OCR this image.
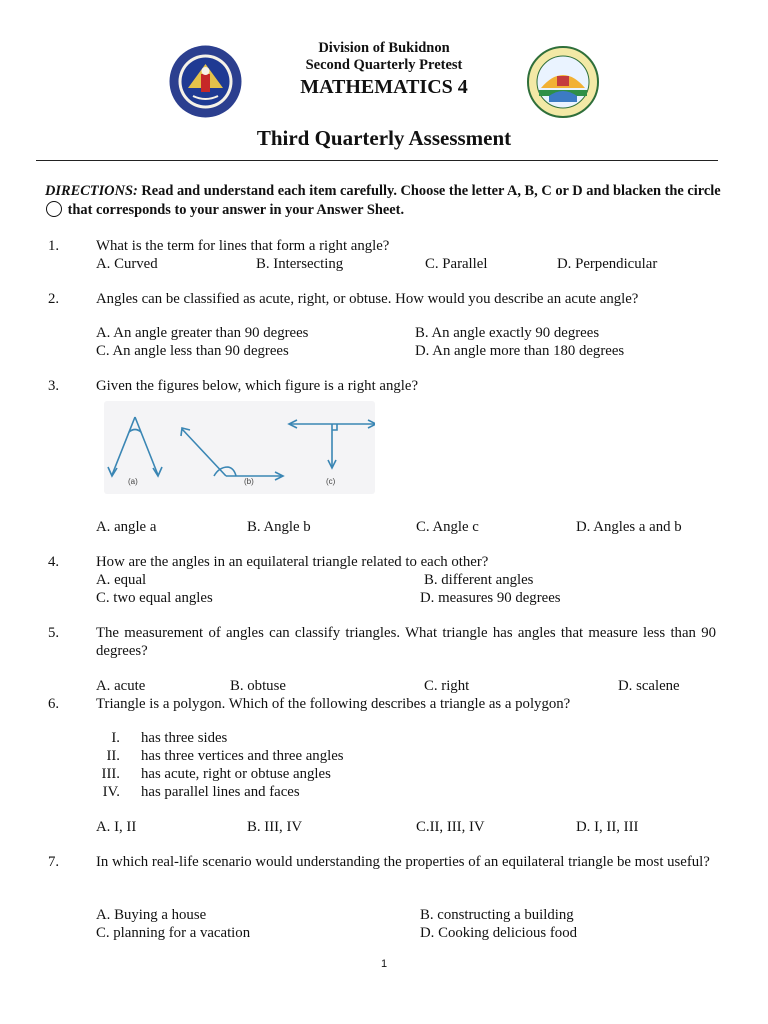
Division of Bukidnon
Second Quarterly Pretest
MATHEMATICS 4
Third Quarterly Assessment
DIRECTIONS: Read and understand each item carefully. Choose the letter A, B, C or D and blacken the circle that corresponds to your answer in your Answer Sheet.
1. What is the term for lines that form a right angle?
A. Curved	B. Intersecting	C. Parallel	D. Perpendicular
2. Angles can be classified as acute, right, or obtuse. How would you describe an acute angle?
A. An angle greater than 90 degrees	B. An angle exactly 90 degrees
C. An angle less than 90 degrees	D. An angle more than 180 degrees
3. Given the figures below, which figure is a right angle?
(a)	(b)	(c)
A. angle a	B. Angle b	C. Angle c	D. Angles a and b
4. How are the angles in an equilateral triangle related to each other?
A. equal	B. different angles
C. two equal angles	D. measures 90 degrees
5. The measurement of angles can classify triangles. What triangle has angles that measure less than 90 degrees?
A. acute	B. obtuse	C. right	D. scalene
6. Triangle is a polygon. Which of the following describes a triangle as a polygon?
I. has three sides
II. has three vertices and three angles
III. has acute, right or obtuse angles
IV. has parallel lines and faces
A. I, II	B. III, IV	C.II, III, IV	D. I, II, III
7. In which real-life scenario would understanding the properties of an equilateral triangle be most useful?
A. Buying a house	B. constructing a building
C. planning for a vacation	D. Cooking delicious food
1
